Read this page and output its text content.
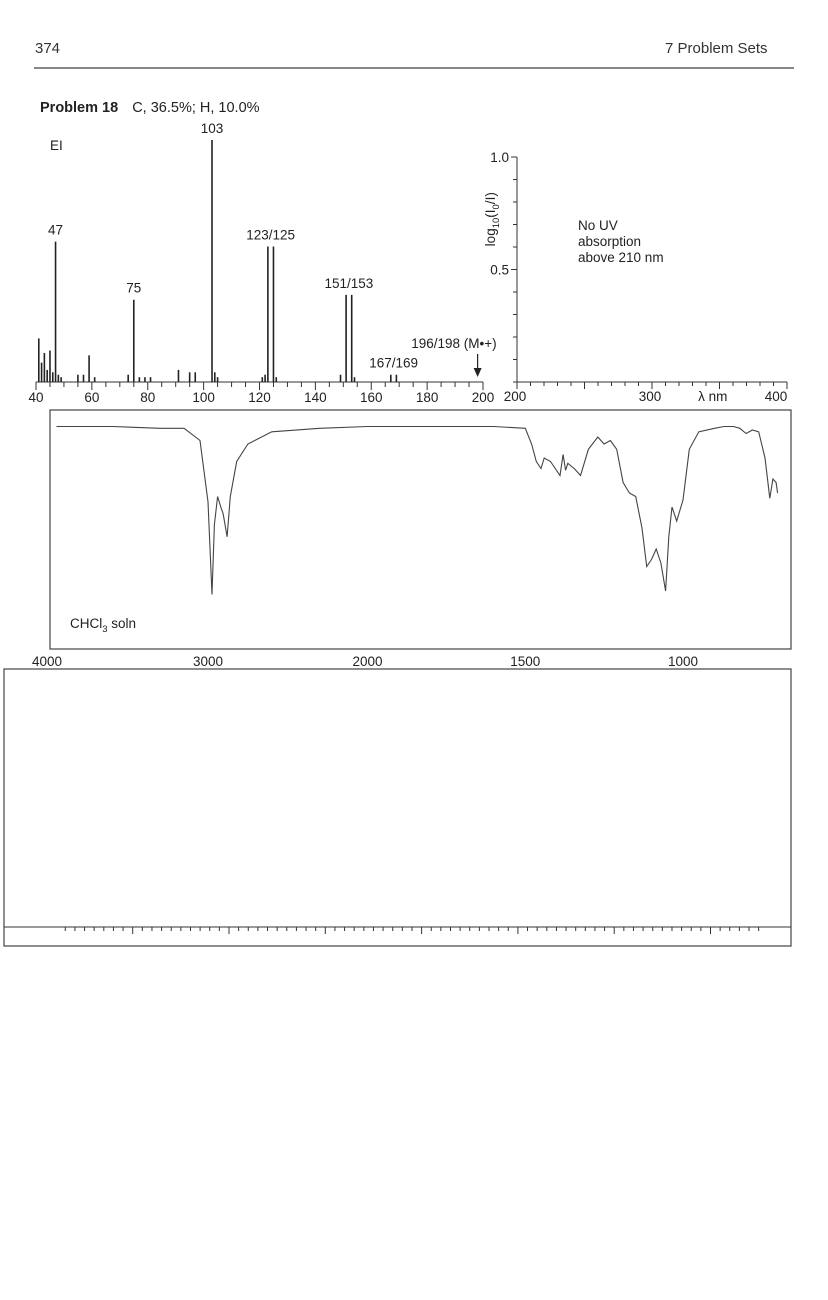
374	7 Problem Sets
Problem 18 C, 36.5%; H, 10.0%
EI
40	60	80	100 120 140 160 180 200
47
75
103
123/125
151/153
167/169
196/198 (M•+)
1.0
0.5
200	300	400
λ nm
$\log_{10}(I_0/I)$
No UV
absorption
above 210 nm
CHCl$_3$ soln
4000	3000	2000	1500	1000
